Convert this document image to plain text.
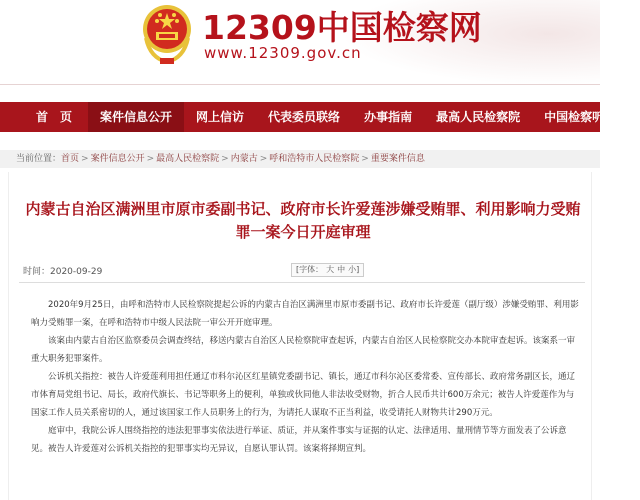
12309中国检察网
www.12309.gov.cn
首　页	案件信息公开	网上信访	代表委员联络	办事指南	最高人民检察院	中国检察听证网
当前位置：首页 > 案件信息公开 > 最高人民检察院 > 内蒙古 > 呼和浩特市人民检察院 > 重要案件信息
内蒙古自治区满洲里市原市委副书记、政府市长许爱莲涉嫌受贿罪、利用影响力受贿罪一案今日开庭审理
时间：2020-09-29	[字体： 大 中 小]

2020年9月25日，由呼和浩特市人民检察院提起公诉的内蒙古自治区满洲里市原市委副书记、政府市长许爱莲（副厅级）涉嫌受贿罪、利用影响力受贿罪一案，在呼和浩特市中级人民法院一审公开开庭审理。

该案由内蒙古自治区监察委员会调查终结，移送内蒙古自治区人民检察院审查起诉，内蒙古自治区人民检察院交办本院审查起诉。该案系一审重大职务犯罪案件。

公诉机关指控：被告人许爱莲利用担任通辽市科尔沁区红星镇党委副书记、镇长，通辽市科尔沁区委常委、宣传部长、政府常务副区长，通辽市体育局党组书记、局长，政府代旗长、书记等职务上的便利，单独或伙同他人非法收受财物，折合人民币共计600万余元；被告人许爱莲作为与国家工作人员关系密切的人，通过该国家工作人员职务上的行为，为请托人谋取不正当利益，收受请托人财物共计290万元。

庭审中，我院公诉人围绕指控的违法犯罪事实依法进行举证、质证，并从案件事实与证据的认定、法律适用、量刑情节等方面发表了公诉意见。被告人许爱莲对公诉机关指控的犯罪事实均无异议，自愿认罪认罚。该案将择期宣判。
